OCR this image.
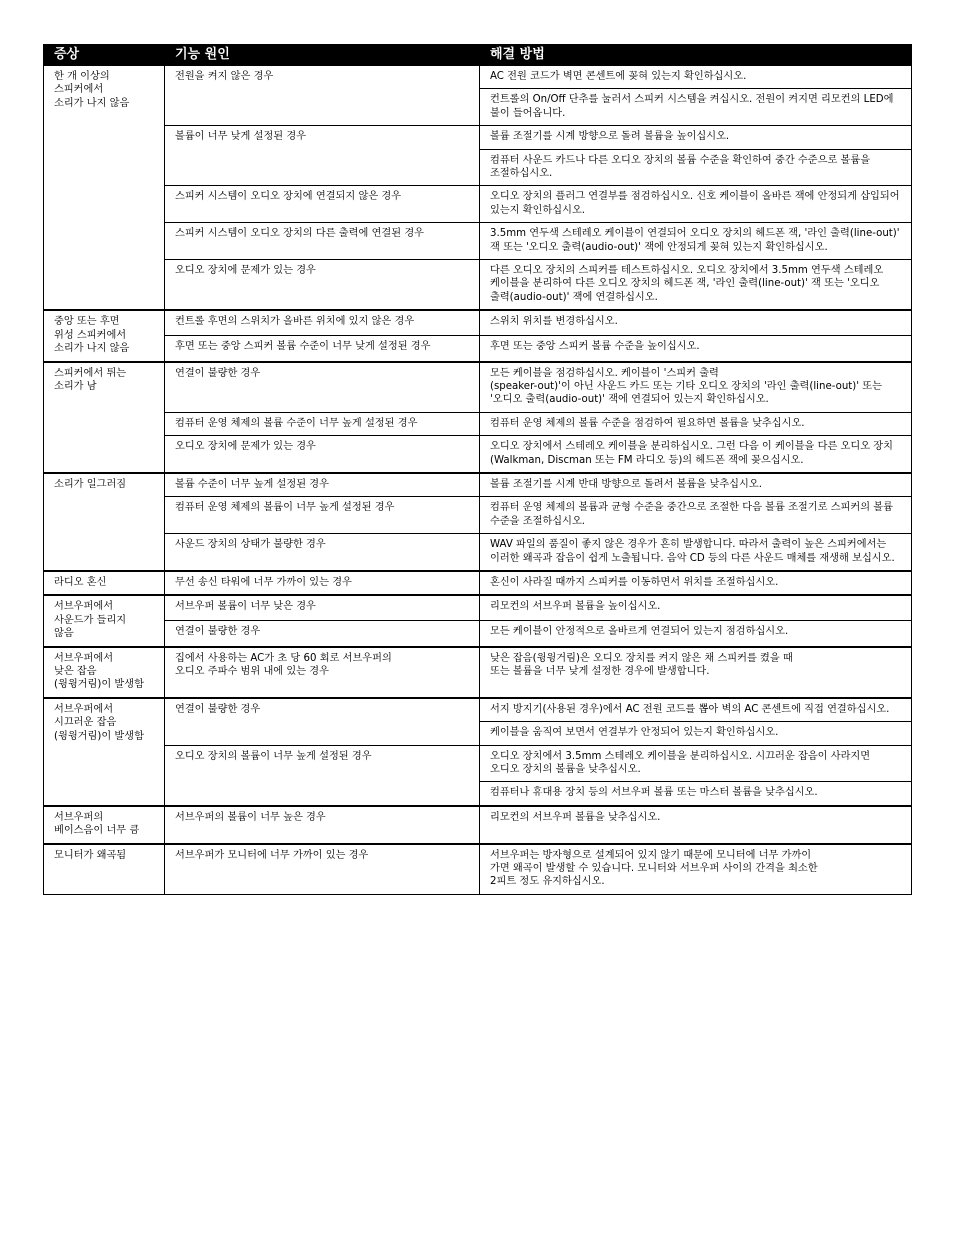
증상	기능 원인	해결 방법
한 개 이상의
스피커에서
소리가 나지 않음	전원을 켜지 않은 경우	AC 전원 코드가 벽면 콘센트에 꽂혀 있는지 확인하십시오.
		컨트롤의 On/Off 단추를 눌러서 스피커 시스템을 켜십시오. 전원이 켜지면 리모컨의 LED에 불이 들어옵니다.
	볼륨이 너무 낮게 설정된 경우	볼륨 조절기를 시계 방향으로 돌려 볼륨을 높이십시오.
		컴퓨터 사운드 카드나 다른 오디오 장치의 볼륨 수준을 확인하여 중간 수준으로 볼륨을 조절하십시오.
	스피커 시스템이 오디오 장치에 연결되지 않은 경우	오디오 장치의 플러그 연결부를 점검하십시오. 신호 케이블이 올바른 잭에 안정되게 삽입되어 있는지 확인하십시오.
	스피커 시스템이 오디오 장치의 다른 출력에 연결된 경우	3.5mm 연두색 스테레오 케이블이 연결되어 오디오 장치의 헤드폰 잭, '라인 출력(line-out)' 잭 또는 '오디오 출력(audio-out)' 잭에 안정되게 꽂혀 있는지 확인하십시오.
	오디오 장치에 문제가 있는 경우	다른 오디오 장치의 스피커를 테스트하십시오. 오디오 장치에서 3.5mm 연두색 스테레오 케이블을 분리하여 다른 오디오 장치의 헤드폰 잭, '라인 출력(line-out)' 잭 또는 '오디오 출력(audio-out)' 잭에 연결하십시오.
중앙 또는 후면
위성 스피커에서
소리가 나지 않음	컨트롤 후면의 스위치가 올바른 위치에 있지 않은 경우	스위치 위치를 변경하십시오.
	후면 또는 중앙 스피커 볼륨 수준이 너무 낮게 설정된 경우	후면 또는 중앙 스피커 볼륨 수준을 높이십시오.
스피커에서 튀는
소리가 남	연결이 불량한 경우	모든 케이블을 점검하십시오. 케이블이 '스피커 출력
(speaker-out)'이 아닌 사운드 카드 또는 기타 오디오 장치의 '라인 출력(line-out)' 또는 '오디오 출력(audio-out)' 잭에 연결되어 있는지 확인하십시오.
	컴퓨터 운영 체제의 볼륨 수준이 너무 높게 설정된 경우	컴퓨터 운영 체제의 볼륨 수준을 점검하여 필요하면 볼륨을 낮추십시오.
	오디오 장치에 문제가 있는 경우	오디오 장치에서 스테레오 케이블을 분리하십시오. 그런 다음 이 케이블을 다른 오디오 장치(Walkman, Discman 또는 FM 라디오 등)의 헤드폰 잭에 꽂으십시오.
소리가 일그러짐	볼륨 수준이 너무 높게 설정된 경우	볼륨 조절기를 시계 반대 방향으로 돌려서 볼륨을 낮추십시오.
	컴퓨터 운영 체제의 볼륨이 너무 높게 설정된 경우	컴퓨터 운영 체제의 볼륨과 균형 수준을 중간으로 조절한 다음 볼륨 조절기로 스피커의 볼륨 수준을 조절하십시오.
	사운드 장치의 상태가 불량한 경우	WAV 파일의 품질이 좋지 않은 경우가 흔히 발생합니다. 따라서 출력이 높은 스피커에서는 이러한 왜곡과 잡음이 쉽게 노출됩니다. 음악 CD 등의 다른 사운드 매체를 재생해 보십시오.
라디오 혼신	무선 송신 타워에 너무 가까이 있는 경우	혼신이 사라질 때까지 스피커를 이동하면서 위치를 조절하십시오.
서브우퍼에서
사운드가 들리지
않음	서브우퍼 볼륨이 너무 낮은 경우	리모컨의 서브우퍼 볼륨을 높이십시오.
	연결이 불량한 경우	모든 케이블이 안정적으로 올바르게 연결되어 있는지 점검하십시오.
서브우퍼에서
낮은 잡음
(윙윙거림)이 발생함	집에서 사용하는 AC가 초 당 60 회로 서브우퍼의
오디오 주파수 범위 내에 있는 경우	낮은 잡음(윙윙거림)은 오디오 장치를 켜지 않은 채 스피커를 켰을 때
또는 볼륨을 너무 낮게 설정한 경우에 발생합니다.
서브우퍼에서
시끄러운 잡음
(윙윙거림)이 발생함	연결이 불량한 경우	서지 방지기(사용된 경우)에서 AC 전원 코드를 뽑아 벽의 AC 콘센트에 직접 연결하십시오.
		케이블을 움직여 보면서 연결부가 안정되어 있는지 확인하십시오.
	오디오 장치의 볼륨이 너무 높게 설정된 경우	오디오 장치에서 3.5mm 스테레오 케이블을 분리하십시오. 시끄러운 잡음이 사라지면 오디오 장치의 볼륨을 낮추십시오.
		컴퓨터나 휴대용 장치 등의 서브우퍼 볼륨 또는 마스터 볼륨을 낮추십시오.
서브우퍼의
베이스음이 너무 큼	서브우퍼의 볼륨이 너무 높은 경우	리모컨의 서브우퍼 볼륨을 낮추십시오.
모니터가 왜곡됨	서브우퍼가 모니터에 너무 가까이 있는 경우	서브우퍼는 방자형으로 설계되어 있지 않기 때문에 모니터에 너무 가까이
가면 왜곡이 발생할 수 있습니다. 모니터와 서브우퍼 사이의 간격을 최소한
2피트 정도 유지하십시오.
